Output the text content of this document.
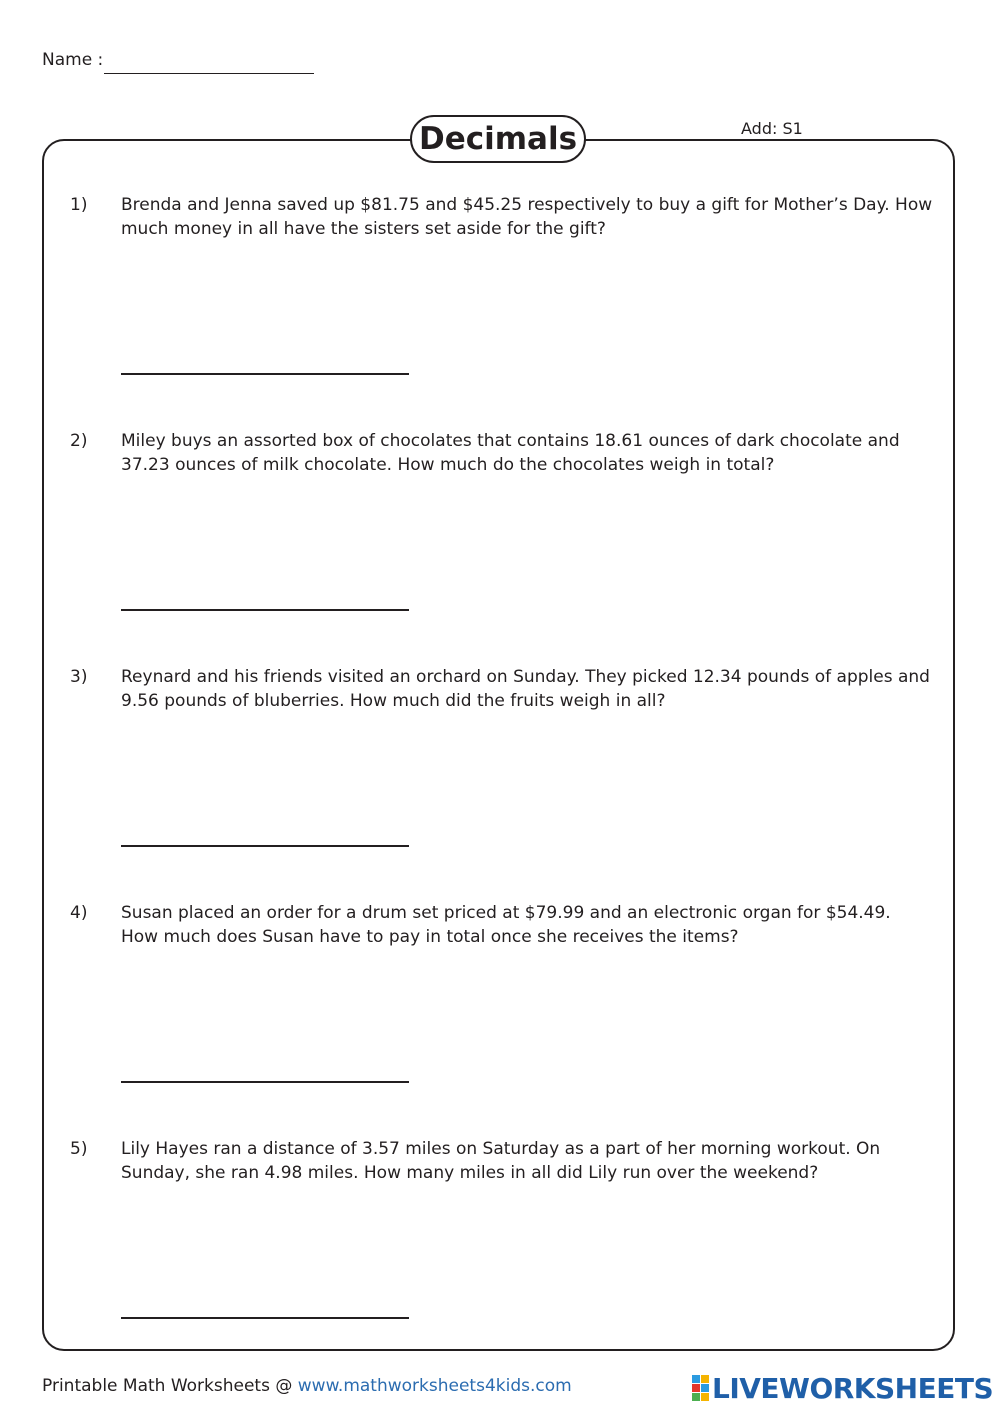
Name :
Decimals	Add: S1
1) Brenda and Jenna saved up $81.75 and $45.25 respectively to buy a gift for Mother’s Day. How much money in all have the sisters set aside for the gift?
2) Miley buys an assorted box of chocolates that contains 18.61 ounces of dark chocolate and 37.23 ounces of milk chocolate. How much do the chocolates weigh in total?
3) Reynard and his friends visited an orchard on Sunday. They picked 12.34 pounds of apples and 9.56 pounds of bluberries. How much did the fruits weigh in all?
4) Susan placed an order for a drum set priced at $79.99 and an electronic organ for $54.49. How much does Susan have to pay in total once she receives the items?
5) Lily Hayes ran a distance of 3.57 miles on Saturday as a part of her morning workout. On Sunday, she ran 4.98 miles. How many miles in all did Lily run over the weekend?
Printable Math Worksheets @ www.mathworksheets4kids.com	LIVEWORKSHEETS
